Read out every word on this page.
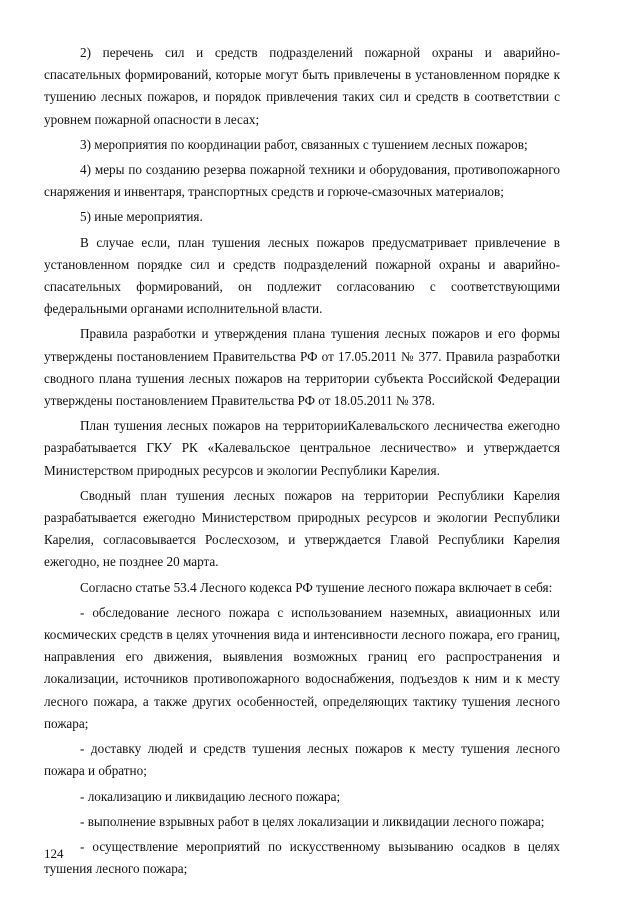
2) перечень сил и средств подразделений пожарной охраны и аварийно-спасательных формирований, которые могут быть привлечены в установленном порядке к тушению лесных пожаров, и порядок привлечения таких сил и средств в соответствии с уровнем пожарной опасности в лесах;

3) мероприятия по координации работ, связанных с тушением лесных пожаров;

4) меры по созданию резерва пожарной техники и оборудования, противопожарного снаряжения и инвентаря, транспортных средств и горюче-смазочных материалов;

5) иные мероприятия.

В случае если, план тушения лесных пожаров предусматривает привлечение в установленном порядке сил и средств подразделений пожарной охраны и аварийно-спасательных формирований, он подлежит согласованию с соответствующими федеральными органами исполнительной власти.

Правила разработки и утверждения плана тушения лесных пожаров и его формы утверждены постановлением Правительства РФ от 17.05.2011 № 377. Правила разработки сводного плана тушения лесных пожаров на территории субъекта Российской Федерации утверждены постановлением Правительства РФ от 18.05.2011 № 378.

План тушения лесных пожаров на территорииКалевальского лесничества ежегодно разрабатывается ГКУ РК «Калевальское центральное лесничество» и утверждается Министерством природных ресурсов и экологии Республики Карелия.

Сводный план тушения лесных пожаров на территории Республики Карелия разрабатывается ежегодно Министерством природных ресурсов и экологии Республики Карелия, согласовывается Рослесхозом, и утверждается Главой Республики Карелия ежегодно, не позднее 20 марта.

Согласно статье 53.4 Лесного кодекса РФ тушение лесного пожара включает в себя:

- обследование лесного пожара с использованием наземных, авиационных или космических средств в целях уточнения вида и интенсивности лесного пожара, его границ, направления его движения, выявления возможных границ его распространения и локализации, источников противопожарного водоснабжения, подъездов к ним и к месту лесного пожара, а также других особенностей, определяющих тактику тушения лесного пожара;

- доставку людей и средств тушения лесных пожаров к месту тушения лесного пожара и обратно;

- локализацию и ликвидацию лесного пожара;

- выполнение взрывных работ в целях локализации и ликвидации лесного пожара;

- осуществление мероприятий по искусственному вызыванию осадков в целях тушения лесного пожара;

124
